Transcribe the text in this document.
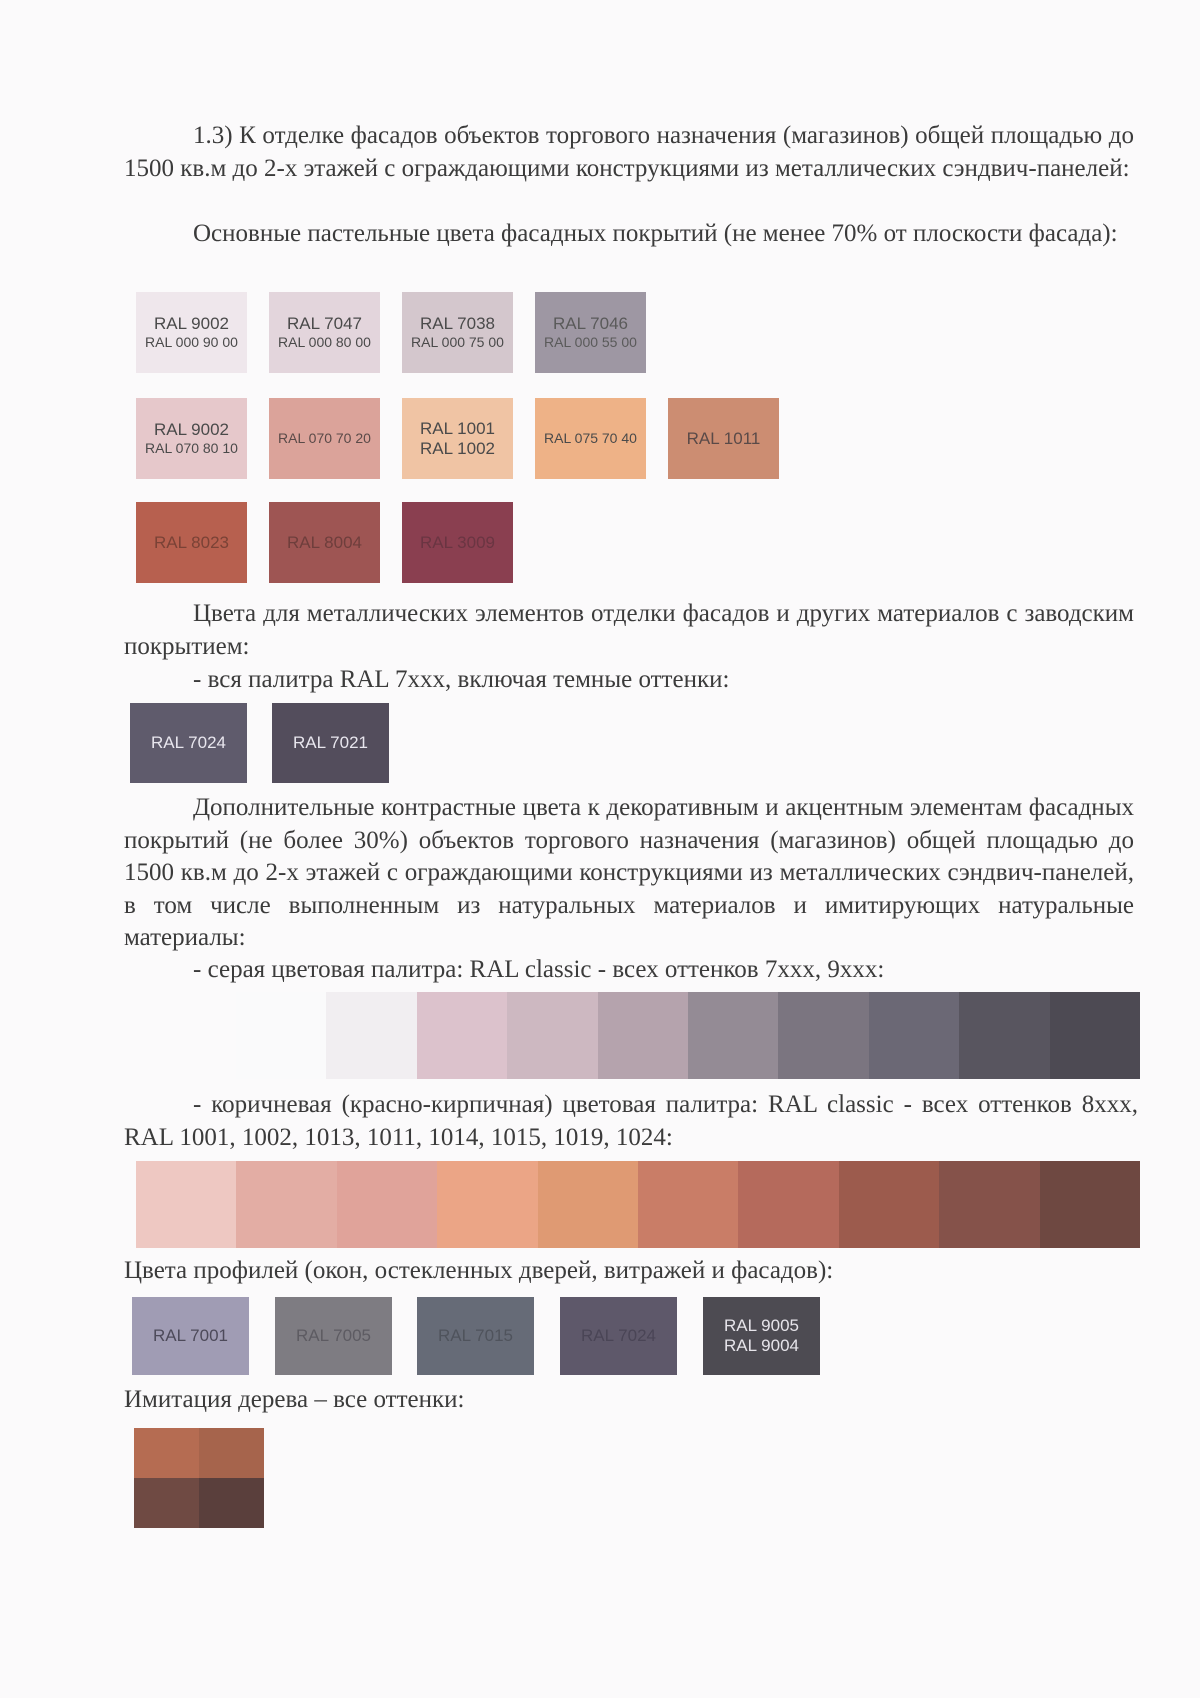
1.3) К отделке фасадов объектов торгового назначения (магазинов) общей площадью до 1500 кв.м до 2-х этажей с ограждающими конструкциями из металлических сэндвич-панелей:

Основные пастельные цвета фасадных покрытий (не менее 70% от плоскости фасада):

RAL 9002
RAL 000 90 00
RAL 7047
RAL 000 80 00
RAL 7038
RAL 000 75 00
RAL 7046
RAL 000 55 00
RAL 9002
RAL 070 80 10
RAL 070 70 20
RAL 1001
RAL 1002
RAL 075 70 40	RAL 1011
RAL 8023	RAL 8004	RAL 3009

Цвета для металлических элементов отделки фасадов и других материалов с заводским покрытием:

- вся палитра RAL 7xxx, включая темные оттенки:
RAL 7024	RAL 7021

Дополнительные контрастные цвета к декоративным и акцентным элементам фасадных покрытий (не более 30%) объектов торгового назначения (магазинов) общей площадью до 1500 кв.м до 2-х этажей с ограждающими конструкциями из металлических сэндвич-панелей, в том числе выполненным из натуральных материалов и имитирующих натуральные материалы:

- серая цветовая палитра: RAL classic - всех оттенков 7xxx, 9xxx:

- коричневая (красно-кирпичная) цветовая палитра: RAL classic - всех оттенков 8xxx, RAL 1001, 1002, 1013, 1011, 1014, 1015, 1019, 1024:

Цвета профилей (окон, остекленных дверей, витражей и фасадов):
RAL 7001	RAL 7005	RAL 7015	RAL 7024
RAL 9005
RAL 9004
Имитация дерева – все оттенки:
